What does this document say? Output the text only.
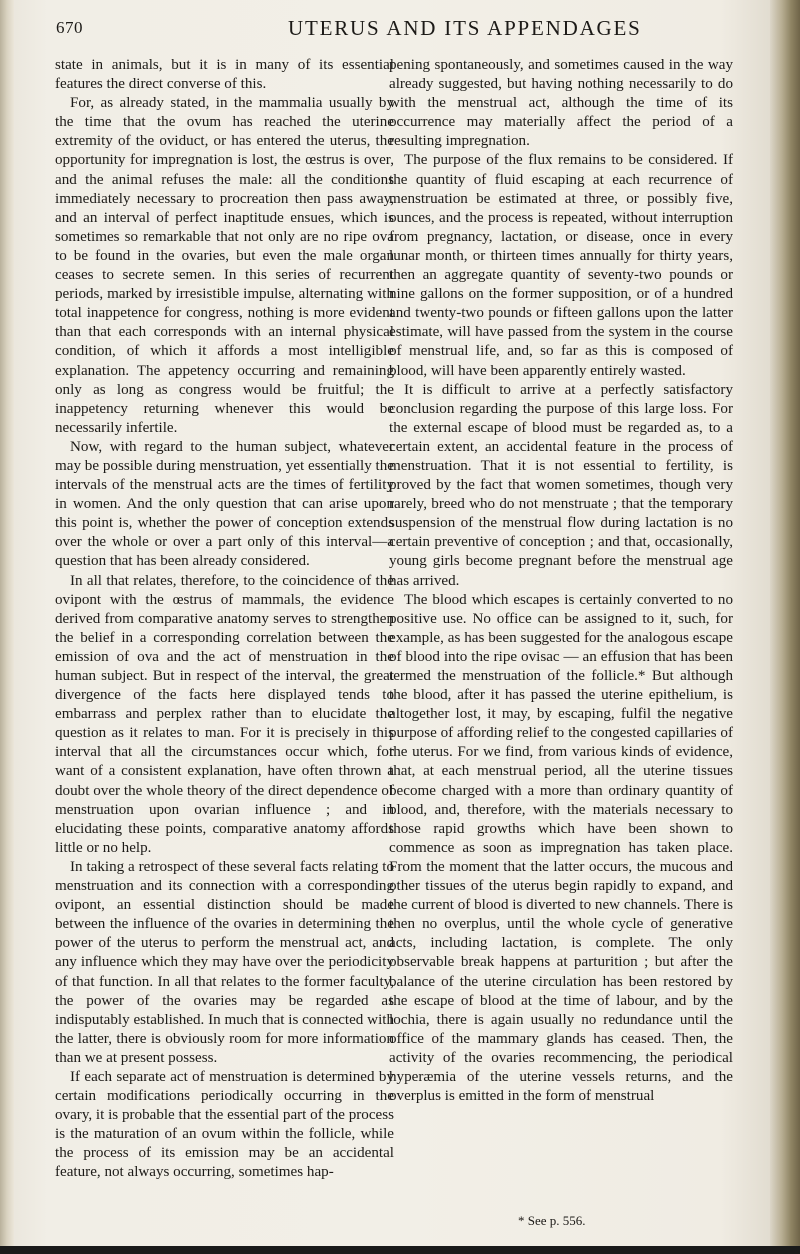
670	UTERUS AND ITS APPENDAGES

state in animals, but it is in many of its essential features the direct converse of this.

For, as already stated, in the mammalia usually by the time that the ovum has reached the uterine extremity of the oviduct, or has entered the uterus, the opportunity for impregnation is lost, the œstrus is over, and the animal refuses the male: all the conditions immediately necessary to procreation then pass away, and an interval of perfect inaptitude ensues, which is sometimes so remarkable that not only are no ripe ova to be found in the ovaries, but even the male organ ceases to secrete semen. In this series of recurrent periods, marked by irresistible impulse, alternating with total inappetence for congress, nothing is more evident than that each corresponds with an internal physical condition, of which it affords a most intelligible explanation. The appetency occurring and remaining only as long as congress would be fruitful; the inappetency returning whenever this would be necessarily infertile.

Now, with regard to the human subject, whatever may be possible during menstruation, yet essentially the intervals of the menstrual acts are the times of fertility in women. And the only question that can arise upon this point is, whether the power of conception extends over the whole or over a part only of this interval—a question that has been already considered.

In all that relates, therefore, to the coincidence of the ovipont with the œstrus of mammals, the evidence derived from comparative anatomy serves to strengthen the belief in a corresponding correlation between the emission of ova and the act of menstruation in the human subject. But in respect of the interval, the great divergence of the facts here displayed tends to embarrass and perplex rather than to elucidate the question as it relates to man. For it is precisely in this interval that all the circumstances occur which, for want of a consistent explanation, have often thrown a doubt over the whole theory of the direct dependence of menstruation upon ovarian influence ; and in elucidating these points, comparative anatomy affords little or no help.

In taking a retrospect of these several facts relating to menstruation and its connection with a corresponding ovipont, an essential distinction should be made between the influence of the ovaries in determining the power of the uterus to perform the menstrual act, and any influence which they may have over the periodicity of that function. In all that relates to the former faculty, the power of the ovaries may be regarded as indisputably established. In much that is connected with the latter, there is obviously room for more information than we at present possess.

If each separate act of menstruation is determined by certain modifications periodically occurring in the ovary, it is probable that the essential part of the process is the maturation of an ovum within the follicle, while the process of its emission may be an accidental feature, not always occurring, sometimes hap-

pening spontaneously, and sometimes caused in the way already suggested, but having nothing necessarily to do with the menstrual act, although the time of its occurrence may materially affect the period of a resulting impregnation.

The purpose of the flux remains to be considered. If the quantity of fluid escaping at each recurrence of menstruation be estimated at three, or possibly five, ounces, and the process is repeated, without interruption from pregnancy, lactation, or disease, once in every lunar month, or thirteen times annually for thirty years, then an aggregate quantity of seventy-two pounds or nine gallons on the former supposition, or of a hundred and twenty-two pounds or fifteen gallons upon the latter estimate, will have passed from the system in the course of menstrual life, and, so far as this is composed of blood, will have been apparently entirely wasted.

It is difficult to arrive at a perfectly satisfactory conclusion regarding the purpose of this large loss. For the external escape of blood must be regarded as, to a certain extent, an accidental feature in the process of menstruation. That it is not essential to fertility, is proved by the fact that women sometimes, though very rarely, breed who do not menstruate ; that the temporary suspension of the menstrual flow during lactation is no certain preventive of conception ; and that, occasionally, young girls become pregnant before the menstrual age has arrived.

The blood which escapes is certainly converted to no positive use. No office can be assigned to it, such, for example, as has been suggested for the analogous escape of blood into the ripe ovisac — an effusion that has been termed the menstruation of the follicle.* But although the blood, after it has passed the uterine epithelium, is altogether lost, it may, by escaping, fulfil the negative purpose of affording relief to the congested capillaries of the uterus. For we find, from various kinds of evidence, that, at each menstrual period, all the uterine tissues become charged with a more than ordinary quantity of blood, and, therefore, with the materials necessary to those rapid growths which have been shown to commence as soon as impregnation has taken place. From the moment that the latter occurs, the mucous and other tissues of the uterus begin rapidly to expand, and the current of blood is diverted to new channels. There is then no overplus, until the whole cycle of generative acts, including lactation, is complete. The only observable break happens at parturition ; but after the balance of the uterine circulation has been restored by the escape of blood at the time of labour, and by the lochia, there is again usually no redundance until the office of the mammary glands has ceased. Then, the activity of the ovaries recommencing, the periodical hyperæmia of the uterine vessels returns, and the overplus is emitted in the form of menstrual

* See p. 556.
